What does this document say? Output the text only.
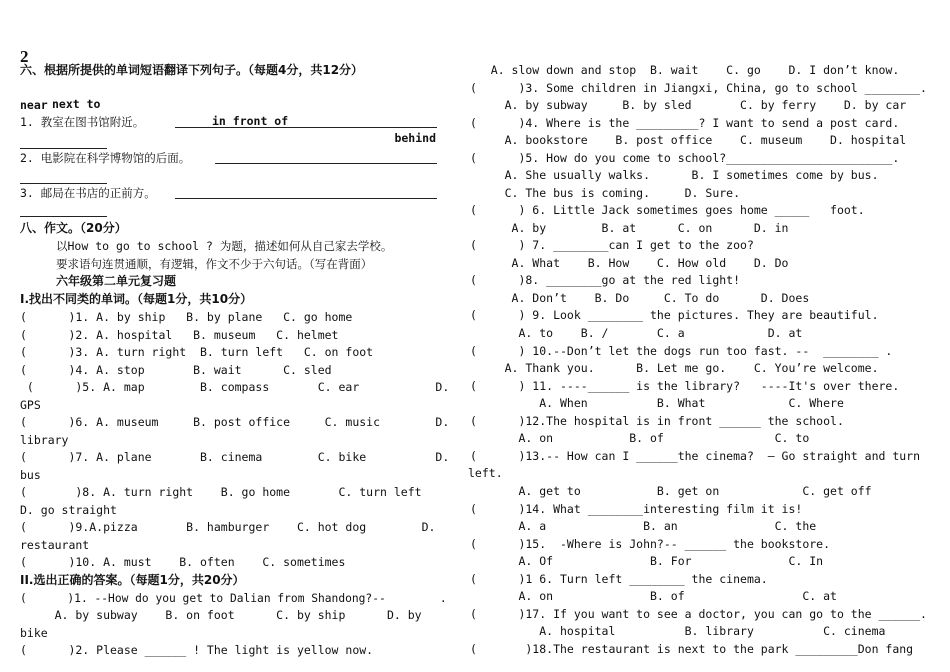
2
六、根据所提供的单词短语翻译下列句子。（每题4分，共12分）

next to

in front of

behind

near
1. 教室在图书馆附近。
2. 电影院在科学博物馆的后面。
3. 邮局在书店的正前方。
八、作文。（20分）
以How to go to school ? 为题，描述如何从自己家去学校。
要求语句连贯通顺，有逻辑，作文不少于六句话。（写在背面）
六年级第二单元复习题
I.找出不同类的单词。（每题1分，共10分）
(      )1. A. by ship   B. by plane   C. go home
(      )2. A. hospital   B. museum   C. helmet
(      )3. A. turn right  B. turn left   C. on foot
(      )4. A. stop       B. wait      C. sled
(      )5. A. map        B. compass       C. ear           D.
GPS
(      )6. A. museum     B. post office     C. music        D.
library
(      )7. A. plane       B. cinema        C. bike          D.
bus
(       )8. A. turn right    B. go home       C. turn left
D. go straight
(      )9.A.pizza       B. hamburger    C. hot dog        D.
restaurant
(      )10. A. must    B. often    C. sometimes
II.选出正确的答案。（每题1分，共20分）
(      )1. --How do you get to Dalian from Shandong?--        .
A. by subway    B. on foot      C. by ship      D. by
bike
(      )2. Please ______ ! The light is yellow now.
A. slow down and stop  B. wait    C. go    D. I don’t know.
(      )3. Some children in Jiangxi, China, go to school ________.
A. by subway     B. by sled       C. by ferry    D. by car
(      )4. Where is the _________? I want to send a post card.
A. bookstore    B. post office    C. museum    D. hospital
(      )5. How do you come to school?________________________.
A. She usually walks.      B. I sometimes come by bus.
C. The bus is coming.     D. Sure.
(      ) 6. Little Jack sometimes goes home _____   foot.
A. by        B. at      C. on      D. in
(      ) 7. ________can I get to the zoo?
A. What    B. How    C. How old    D. Do
(      )8. ________go at the red light!
A. Don’t    B. Do     C. To do      D. Does
(      ) 9. Look ________ the pictures. They are beautiful.
A. to    B. /       C. a            D. at
(      ) 10.--Don’t let the dogs run too fast. --  ________ .
A. Thank you.      B. Let me go.    C. You’re welcome.
(      ) 11. ----______ is the library?   ----It's over there.
A. When          B. What            C. Where
(      )12.The hospital is in front ______ the school.
A. on           B. of                C. to
(      )13.-- How can I ______the cinema?  — Go straight and turn
left.
A. get to           B. get on            C. get off
(      )14. What ________interesting film it is!
A. a              B. an              C. the
(      )15.  -Where is John?-- ______ the bookstore.
A. Of              B. For              C. In
(      )1 6. Turn left ________ the cinema.
A. on              B. of                 C. at
(      )17. If you want to see a doctor, you can go to the ______.
A. hospital          B. library          C. cinema
(       )18.The restaurant is next to the park _________Don fang
